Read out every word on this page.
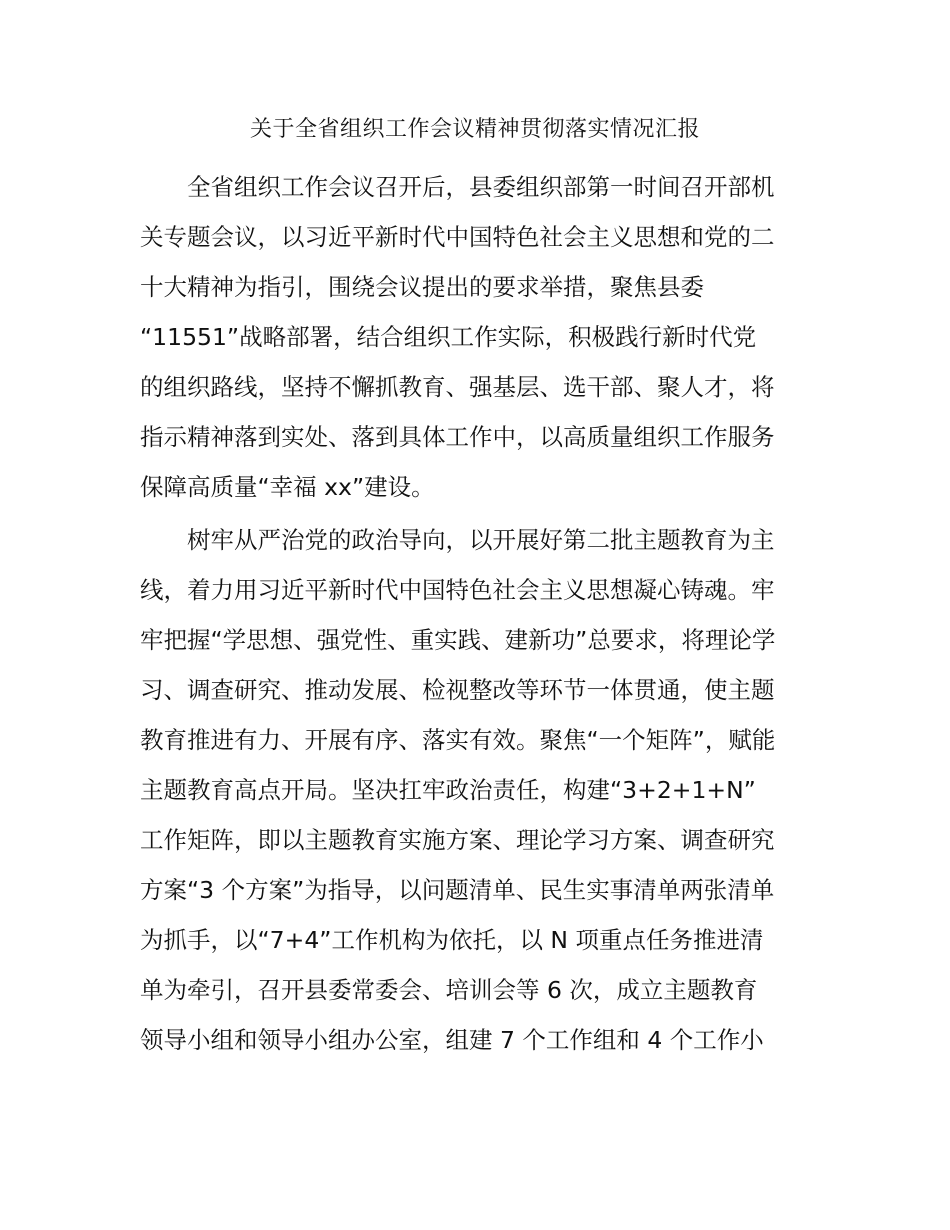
关于全省组织工作会议精神贯彻落实情况汇报
　　全省组织工作会议召开后，县委组织部第一时间召开部机
关专题会议，以习近平新时代中国特色社会主义思想和党的二
十大精神为指引，围绕会议提出的要求举措，聚焦县委
“11551”战略部署，结合组织工作实际，积极践行新时代党
的组织路线，坚持不懈抓教育、强基层、选干部、聚人才，将
指示精神落到实处、落到具体工作中，以高质量组织工作服务
保障高质量“幸福 xx”建设。
　　树牢从严治党的政治导向，以开展好第二批主题教育为主
线，着力用习近平新时代中国特色社会主义思想凝心铸魂。牢
牢把握“学思想、强党性、重实践、建新功”总要求，将理论学
习、调查研究、推动发展、检视整改等环节一体贯通，使主题
教育推进有力、开展有序、落实有效。聚焦“一个矩阵”，赋能
主题教育高点开局。坚决扛牢政治责任，构建“3+2+1+N”
工作矩阵，即以主题教育实施方案、理论学习方案、调查研究
方案“3 个方案”为指导，以问题清单、民生实事清单两张清单
为抓手，以“7+4”工作机构为依托，以 N 项重点任务推进清
单为牵引，召开县委常委会、培训会等 6 次，成立主题教育
领导小组和领导小组办公室，组建 7 个工作组和 4 个工作小
